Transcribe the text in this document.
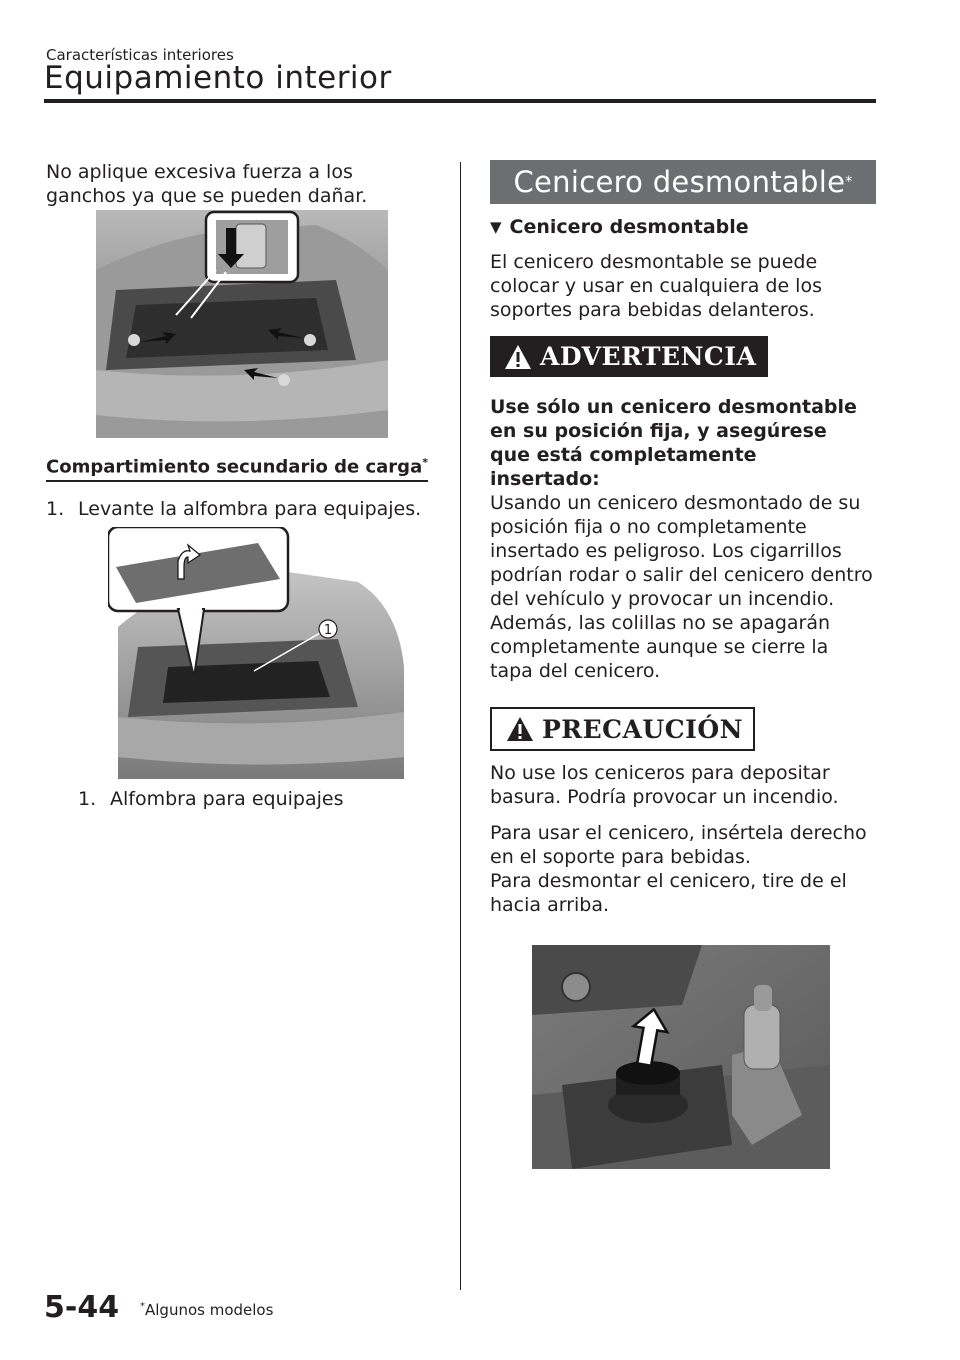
Características interiores
Equipamiento interior

No aplique excesiva fuerza a los ganchos ya que se pueden dañar.

Compartimiento secundario de carga*
1. Levante la alfombra para equipajes.
1
1. Alfombra para equipajes
Cenicero desmontable *
▼ Cenicero desmontable

El cenicero desmontable se puede colocar y usar en cualquiera de los soportes para bebidas delanteros.

ADVERTENCIA

Use sólo un cenicero desmontable en su posición fija, y asegúrese que está completamente insertado:

Usando un cenicero desmontado de su posición fija o no completamente insertado es peligroso. Los cigarrillos podrían rodar o salir del cenicero dentro del vehículo y provocar un incendio. Además, las colillas no se apagarán completamente aunque se cierre la tapa del cenicero.

PRECAUCIÓN

No use los ceniceros para depositar basura. Podría provocar un incendio.

Para usar el cenicero, insértela derecho en el soporte para bebidas.

Para desmontar el cenicero, tire de el hacia arriba.

5-44 *Algunos modelos
